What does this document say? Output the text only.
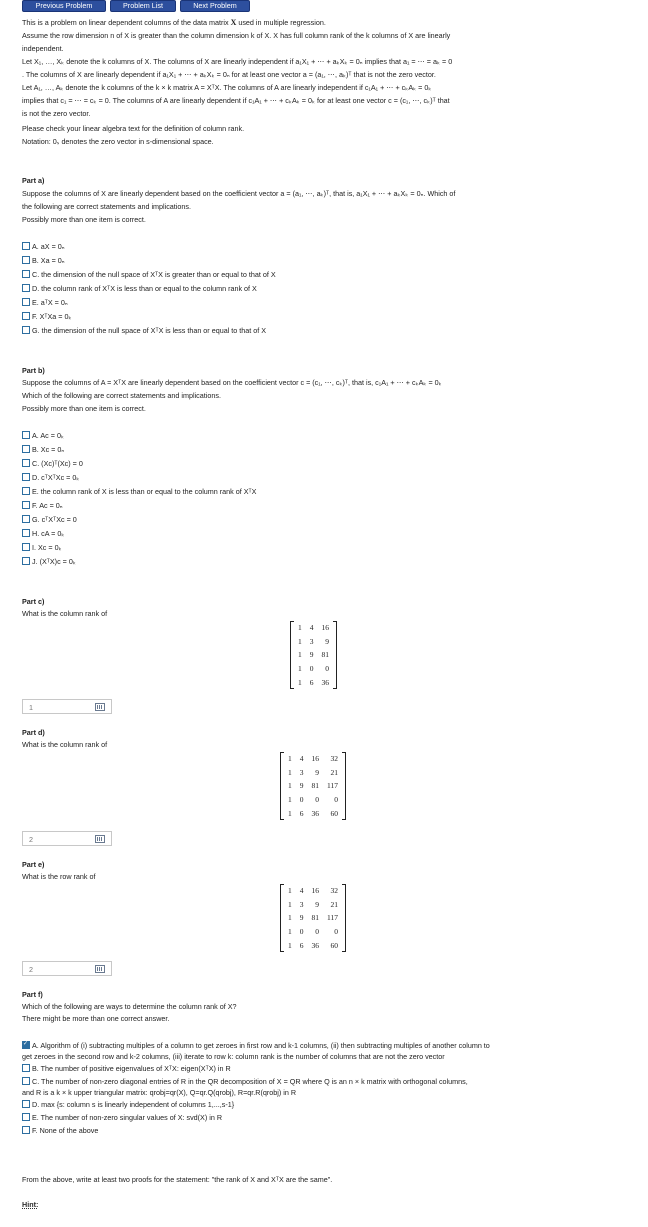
Previous Problem	Problem List	Next Problem
This is a problem on linear dependent columns of the data matrix X used in multiple regression.
Assume the row dimension n of X is greater than the column dimension k of X. X has full column rank of the k columns of X are linearly
independent.
Let X₁, …, Xₖ denote the k columns of X. The columns of X are linearly independent if a₁X₁ + ⋯ + aₖXₖ = 0ₙ implies that a₁ = ⋯ = aₖ = 0
. The columns of X are linearly dependent if a₁X₁ + ⋯ + aₖXₖ = 0ₙ for at least one vector a = (a₁, ⋯, aₖ)ᵀ that is not the zero vector.
Let A₁, …, Aₖ denote the k columns of the k × k matrix A = XᵀX. The columns of A are linearly independent if c₁A₁ + ⋯ + cₖAₖ = 0ₖ
implies that c₁ = ⋯ = cₖ = 0. The columns of A are linearly dependent if c₁A₁ + ⋯ + cₖAₖ = 0ₖ for at least one vector c = (c₁, ⋯, cₖ)ᵀ that
is not the zero vector.
Please check your linear algebra text for the definition of column rank.
Notation: 0ₛ denotes the zero vector in s-dimensional space.
Part a)
Suppose the columns of X are linearly dependent based on the coefficient vector a = (a₁, ⋯, aₖ)ᵀ, that is, a₁X₁ + ⋯ + aₖXₖ = 0ₙ. Which of
the following are correct statements and implications.
Possibly more than one item is correct.
A. aX = 0ₙ
B. Xa = 0ₙ
C. the dimension of the null space of XᵀX is greater than or equal to that of X
D. the column rank of XᵀX is less than or equal to the column rank of X
E. aᵀX = 0ₙ
F. XᵀXa = 0ₖ
G. the dimension of the null space of XᵀX is less than or equal to that of X
Part b)
Suppose the columns of A = XᵀX are linearly dependent based on the coefficient vector c = (c₁, ⋯, cₖ)ᵀ, that is, c₁A₁ + ⋯ + cₖAₖ = 0ₖ
Which of the following are correct statements and implications.
Possibly more than one item is correct.
A. Ac = 0ₖ
B. Xc = 0ₙ
C. (Xc)ᵀ(Xc) = 0
D. cᵀXᵀXc = 0ₖ
E. the column rank of X is less than or equal to the column rank of XᵀX
F. Ac = 0ₙ
G. cᵀXᵀXc = 0
H. cA = 0ₖ
I. Xc = 0ₖ
J. (XᵀX)c = 0ₖ
Part c)
What is the column rank of
1	4	16
1	3	9
1	9	81
1	0	0
1	6	36
1
Part d)
What is the column rank of
1	4	16	32
1	3	9	21
1	9	81	117
1	0	0	0
1	6	36	60
2
Part e)
What is the row rank of
1	4	16	32
1	3	9	21
1	9	81	117
1	0	0	0
1	6	36	60
2
Part f)
Which of the following are ways to determine the column rank of X?
There might be more than one correct answer.
✓A. Algorithm of (i) subtracting multiples of a column to get zeroes in first row and k-1 columns, (ii) then subtracting multiples of another column to
get zeroes in the second row and k-2 columns, (iii) iterate to row k: column rank is the number of columns that are not the zero vector
B. The number of positive eigenvalues of XᵀX: eigen(XᵀX) in R
C. The number of non-zero diagonal entries of R in the QR decomposition of X = QR where Q is an n × k matrix with orthogonal columns,
and R is a k × k upper triangular matrix: qrobj=qr(X), Q=qr.Q(qrobj), R=qr.R(qrobj) in R
D. max {s: column s is linearly independent of columns 1,...,s-1}
E. The number of non-zero singular values of X: svd(X) in R
F. None of the above
From the above, write at least two proofs for the statement: "the rank of X and XᵀX are the same".
Hint:
